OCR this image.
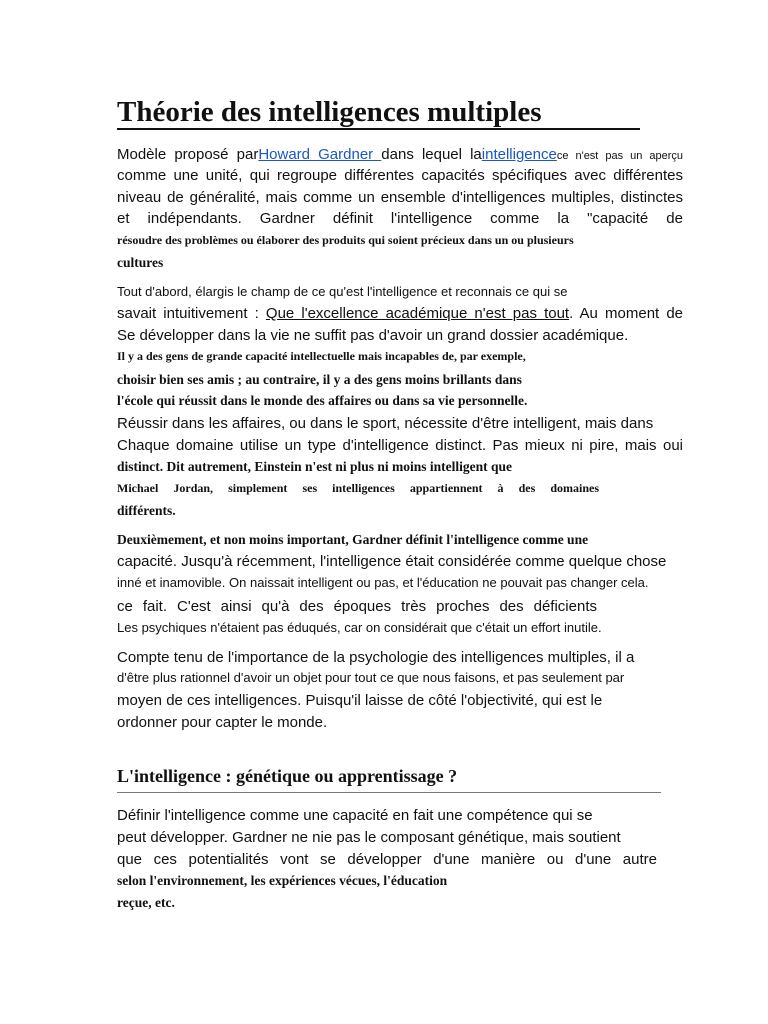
Théorie des intelligences multiples
Modèle proposé parHoward Gardner dans lequel laintelligencece n'est pas un aperçu
comme une unité, qui regroupe différentes capacités spécifiques avec différentes
niveau de généralité, mais comme un ensemble d'intelligences multiples, distinctes
et indépendants. Gardner définit l'intelligence comme la "capacité de
résoudre des problèmes ou élaborer des produits qui soient précieux dans un ou plusieurs
cultures
Tout d'abord, élargis le champ de ce qu'est l'intelligence et reconnais ce qui se
savait intuitivement : Que l'excellence académique n'est pas tout. Au moment de
Se développer dans la vie ne suffit pas d'avoir un grand dossier académique.
Il y a des gens de grande capacité intellectuelle mais incapables de, par exemple,
choisir bien ses amis ; au contraire, il y a des gens moins brillants dans
l'école qui réussit dans le monde des affaires ou dans sa vie personnelle.
Réussir dans les affaires, ou dans le sport, nécessite d'être intelligent, mais dans
Chaque domaine utilise un type d'intelligence distinct. Pas mieux ni pire, mais oui
distinct. Dit autrement, Einstein n'est ni plus ni moins intelligent que
Michael Jordan, simplement ses intelligences appartiennent à des domaines
différents.
Deuxièmement, et non moins important, Gardner définit l'intelligence comme une
capacité. Jusqu'à récemment, l'intelligence était considérée comme quelque chose
inné et inamovible. On naissait intelligent ou pas, et l'éducation ne pouvait pas changer cela.
ce fait. C'est ainsi qu'à des époques très proches des déficients
Les psychiques n'étaient pas éduqués, car on considérait que c'était un effort inutile.
Compte tenu de l'importance de la psychologie des intelligences multiples, il a
d'être plus rationnel d'avoir un objet pour tout ce que nous faisons, et pas seulement par
moyen de ces intelligences. Puisqu'il laisse de côté l'objectivité, qui est le
ordonner pour capter le monde.
L'intelligence : génétique ou apprentissage ?
Définir l'intelligence comme une capacité en fait une compétence qui se
peut développer. Gardner ne nie pas le composant génétique, mais soutient
que ces potentialités vont se développer d'une manière ou d'une autre
selon l'environnement, les expériences vécues, l'éducation
reçue, etc.
